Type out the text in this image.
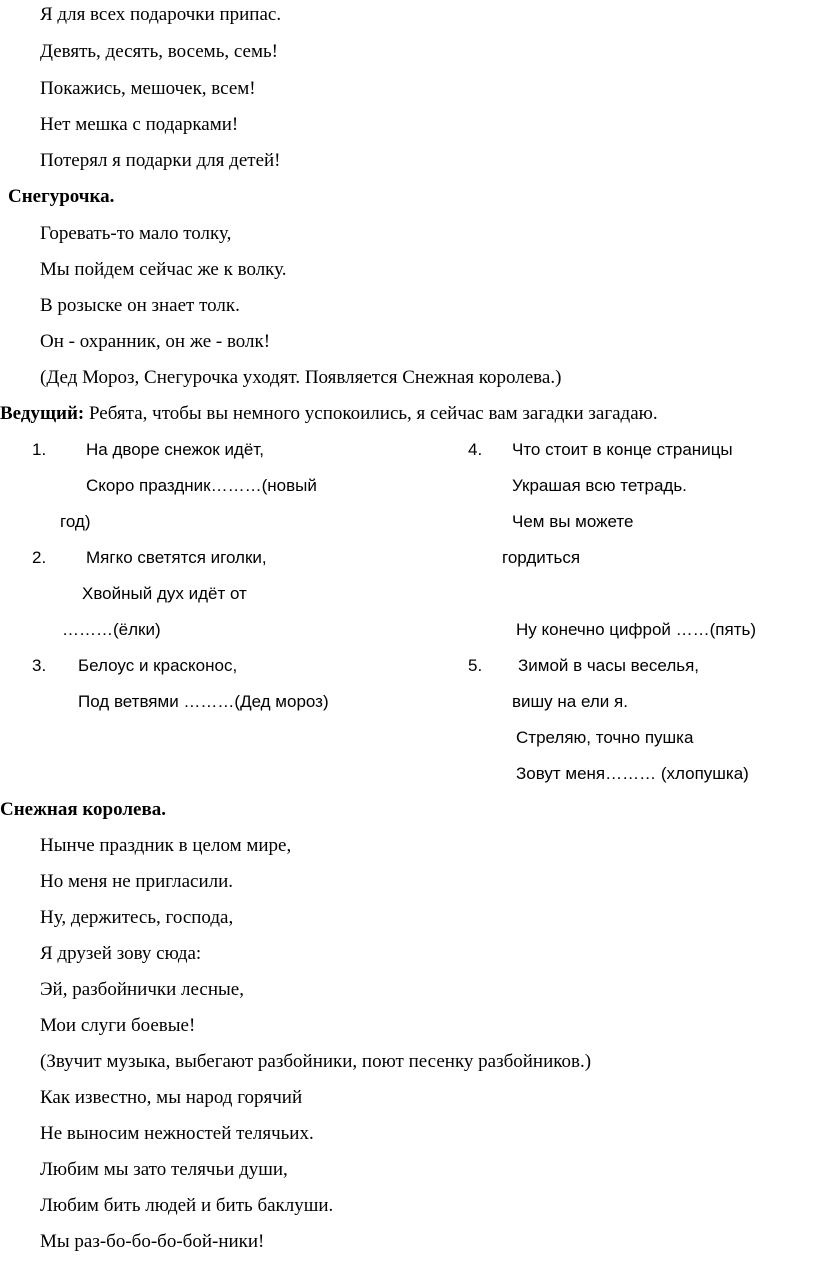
Я для всех подарочки припас.
Девять, десять, восемь, семь!
Покажись, мешочек, всем!
Нет мешка с подарками!
Потерял я подарки для детей!
Снегурочка.
Горевать-то мало толку,
Мы пойдем сейчас же к волку.
В розыске он знает толк.
Он - охранник, он же - волк!
(Дед Мороз, Снегурочка уходят. Появляется Снежная королева.)
Ведущий: Ребята, чтобы вы немного успокоились, я сейчас вам загадки загадаю.
1. На дворе снежок идёт,
Скоро праздник………(новый
год)
2. Мягко светятся иголки,
Хвойный дух идёт от
………(ёлки)
3. Белоус и красконос,
Под ветвями ………(Дед мороз)
4. Что стоит в конце страницы
Украшая всю тетрадь.
Чем вы можете
гордиться
Ну конечно цифрой ……(пять)
5. Зимой в часы веселья,
вишу на ели я.
Стреляю, точно пушка
Зовут меня……… (хлопушка)
Снежная королева.
Нынче праздник в целом мире,
Но меня не пригласили.
Ну, держитесь, господа,
Я друзей зову сюда:
Эй, разбойнички лесные,
Мои слуги боевые!
(Звучит музыка, выбегают разбойники, поют песенку разбойников.)
Как известно, мы народ горячий
Не выносим нежностей телячьих.
Любим мы зато телячьи души,
Любим бить людей и бить баклуши.
Мы раз-бо-бо-бо-бой-ники!
